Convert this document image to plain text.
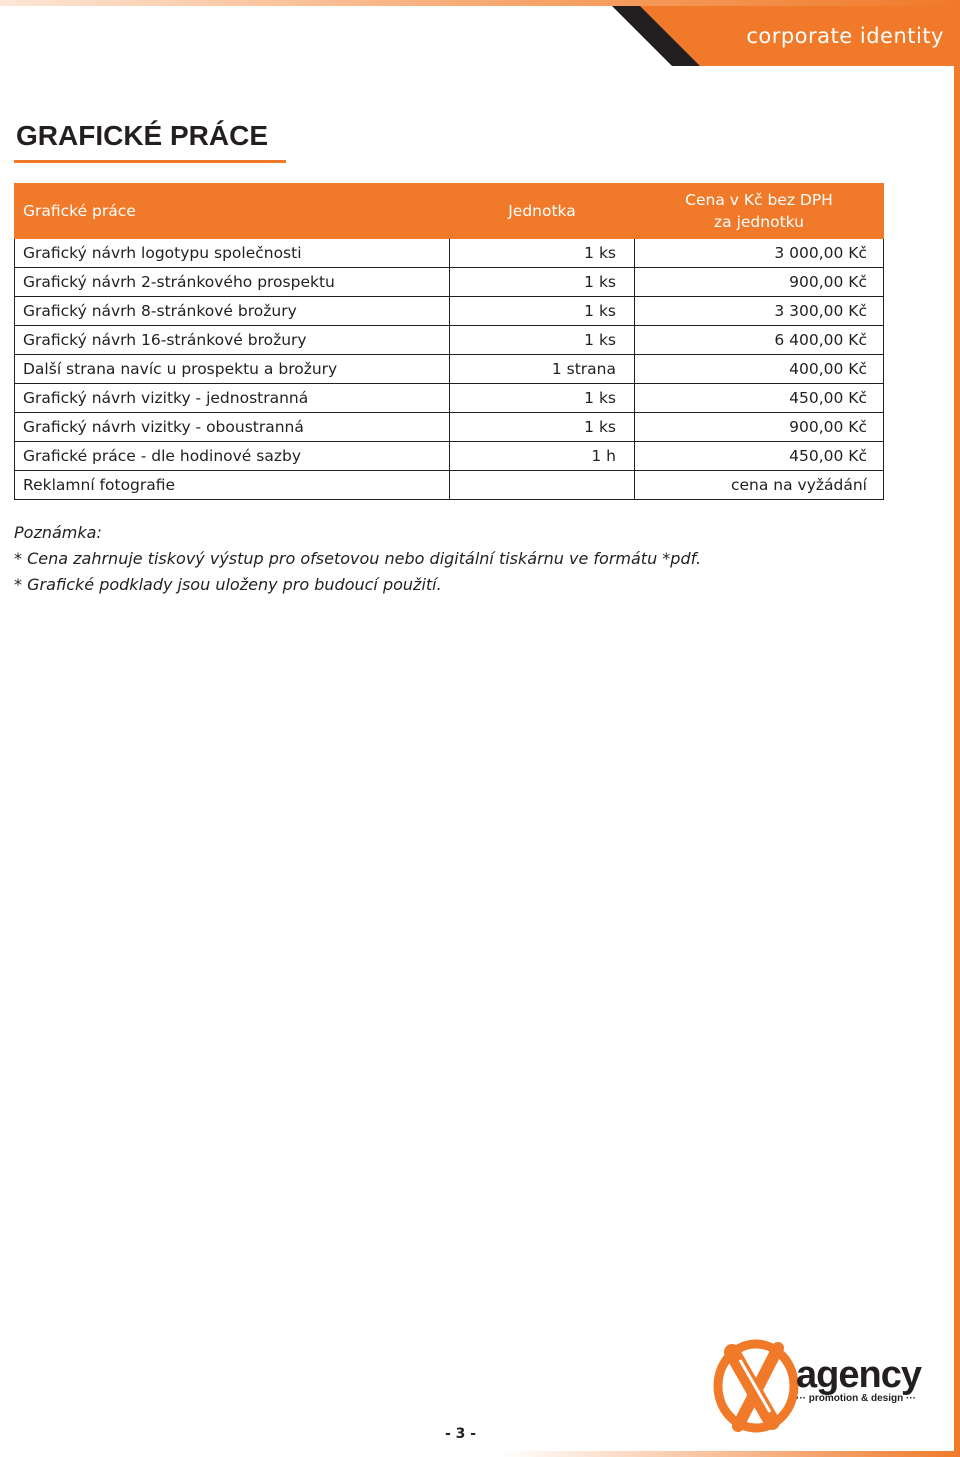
corporate identity
GRAFICKÉ PRÁCE
Grafické práce	Jednotka	Cena v Kč bez DPH
za jednotku

Grafický návrh logotypu společnosti	1 ks	3 000,00 Kč
Grafický návrh 2-stránkového prospektu	1 ks	900,00 Kč
Grafický návrh 8-stránkové brožury	1 ks	3 300,00 Kč
Grafický návrh 16-stránkové brožury	1 ks	6 400,00 Kč
Další strana navíc u prospektu a brožury	1 strana	400,00 Kč
Grafický návrh vizitky - jednostranná	1 ks	450,00 Kč
Grafický návrh vizitky - oboustranná	1 ks	900,00 Kč
Grafické práce - dle hodinové sazby	1 h	450,00 Kč
Reklamní fotografie		cena na vyžádání
Poznámka:
* Cena zahrnuje tiskový výstup pro ofsetovou nebo digitální tiskárnu ve formátu *pdf.
* Grafické podklady jsou uloženy pro budoucí použití.
agency
··· promotion & design ···
- 3 -
